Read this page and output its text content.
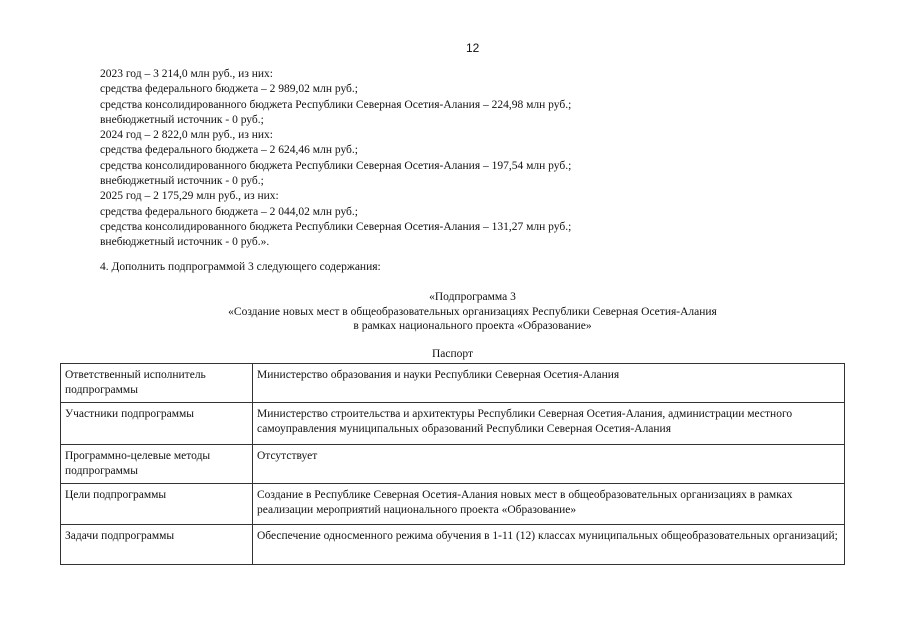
12
2023 год – 3 214,0 млн руб., из них:
средства федерального бюджета – 2 989,02 млн руб.;
средства консолидированного бюджета Республики Северная Осетия-Алания – 224,98 млн руб.;
внебюджетный источник - 0 руб.;
2024 год – 2 822,0 млн руб., из них:
средства федерального бюджета – 2 624,46 млн руб.;
средства консолидированного бюджета Республики Северная Осетия-Алания – 197,54 млн руб.;
внебюджетный источник - 0 руб.;
2025 год – 2 175,29 млн руб., из них:
средства федерального бюджета – 2 044,02 млн руб.;
средства консолидированного бюджета Республики Северная Осетия-Алания – 131,27 млн руб.;
внебюджетный источник - 0 руб.».
4. Дополнить подпрограммой 3 следующего содержания:
«Подпрограмма 3
«Создание новых мест в общеобразовательных организациях Республики Северная Осетия-Алания
в рамках национального проекта «Образование»
Паспорт
Ответственный исполнитель подпрограммы	Министерство образования и науки Республики Северная Осетия-Алания
Участники подпрограммы	Министерство строительства и архитектуры Республики Северная Осетия-Алания, администрации местного самоуправления муниципальных образований Республики Северная Осетия-Алания
Программно-целевые методы подпрограммы	Отсутствует
Цели подпрограммы	Создание в Республике Северная Осетия-Алания новых мест в общеобразовательных организациях в рамках реализации мероприятий национального проекта «Образование»
Задачи подпрограммы	Обеспечение односменного режима обучения в 1-11 (12) классах муниципальных общеобразовательных организаций;
